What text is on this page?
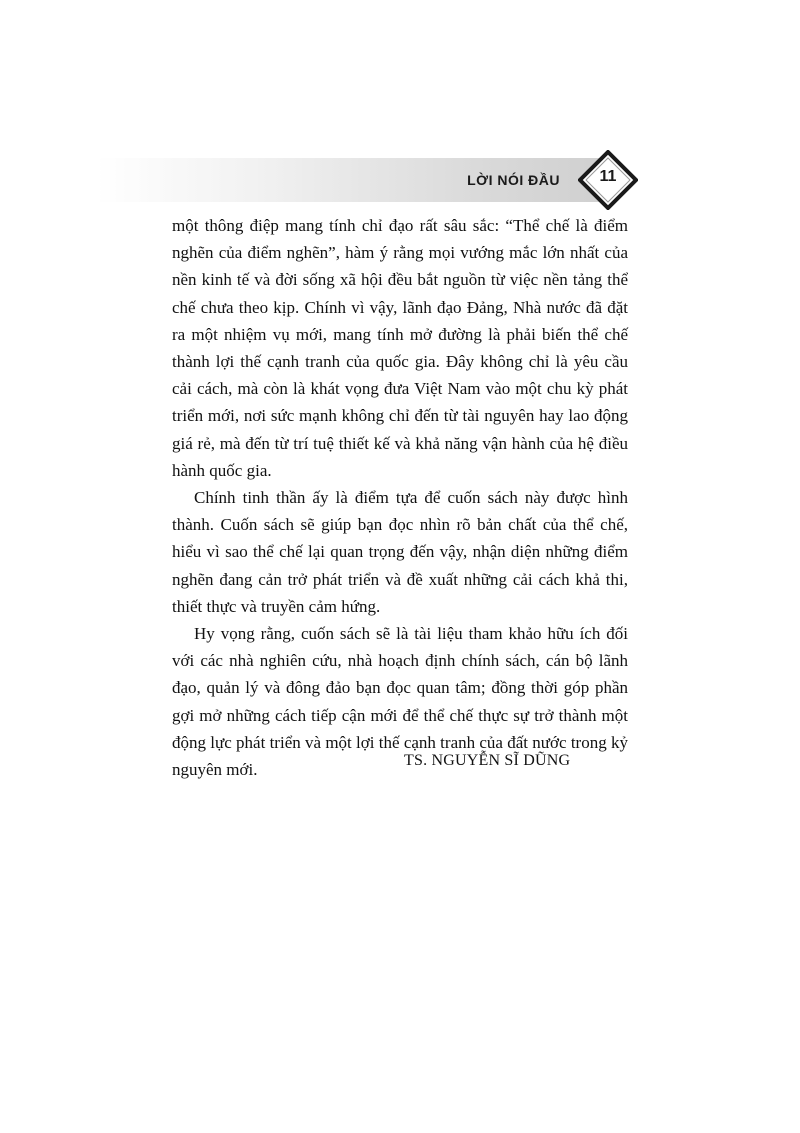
LỜI NÓI ĐẦU	11

một thông điệp mang tính chỉ đạo rất sâu sắc: “Thể chế là điểm nghẽn của điểm nghẽn”, hàm ý rằng mọi vướng mắc lớn nhất của nền kinh tế và đời sống xã hội đều bắt nguồn từ việc nền tảng thể chế chưa theo kịp. Chính vì vậy, lãnh đạo Đảng, Nhà nước đã đặt ra một nhiệm vụ mới, mang tính mở đường là phải biến thể chế thành lợi thế cạnh tranh của quốc gia. Đây không chỉ là yêu cầu cải cách, mà còn là khát vọng đưa Việt Nam vào một chu kỳ phát triển mới, nơi sức mạnh không chỉ đến từ tài nguyên hay lao động giá rẻ, mà đến từ trí tuệ thiết kế và khả năng vận hành của hệ điều hành quốc gia.

Chính tinh thần ấy là điểm tựa để cuốn sách này được hình thành. Cuốn sách sẽ giúp bạn đọc nhìn rõ bản chất của thể chế, hiểu vì sao thể chế lại quan trọng đến vậy, nhận diện những điểm nghẽn đang cản trở phát triển và đề xuất những cải cách khả thi, thiết thực và truyền cảm hứng.

Hy vọng rằng, cuốn sách sẽ là tài liệu tham khảo hữu ích đối với các nhà nghiên cứu, nhà hoạch định chính sách, cán bộ lãnh đạo, quản lý và đông đảo bạn đọc quan tâm; đồng thời góp phần gợi mở những cách tiếp cận mới để thể chế thực sự trở thành một động lực phát triển và một lợi thế cạnh tranh của đất nước trong kỷ nguyên mới.	TS. NGUYỄN SĨ DŨNG
